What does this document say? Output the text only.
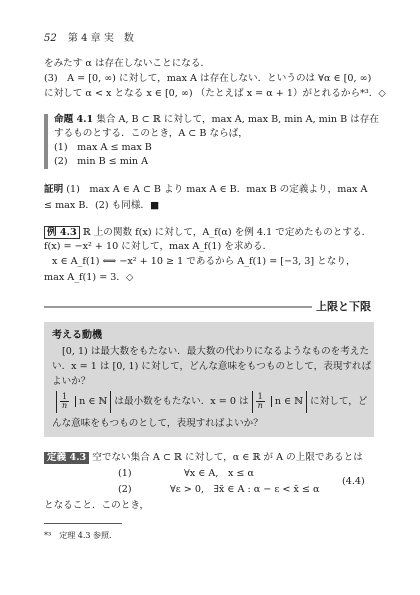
52 第 4 章 実　数
をみたす α は存在しないことになる．
(3)　A = [0, ∞) に対して，max A は存在しない．というのは ∀α ∈ [0, ∞)
に対して α < x となる x ∈ [0, ∞) （たとえば x = α + 1）がとれるから*³．◇
命題 4.1 集合 A, B ⊂ ℝ に対して，max A, max B, min A, min B は存在
するものとする．このとき，A ⊂ B ならば，
(1)　max A ≤ max B
(2)　min B ≤ min A
証明 (1)　max A ∈ A ⊂ B より max A ∈ B．max B の定義より，max A
≤ max B．(2) も同様．■
例 4.3 ℝ 上の関数 f(x) に対して，A_f(α) を例 4.1 で定めたものとする．
f(x) = −x² + 10 に対して，max A_f(1) を求める．
x ∈ A_f(1) ⟺ −x² + 10 ≥ 1 であるから A_f(1) = [−3, 3] となり，
max A_f(1) = 3．◇
上限と下限
考える動機
[0, 1) は最大数をもたない．最大数の代わりになるようなものを考えた
い．x = 1 は [0, 1) に対して，どんな意味をもつものとして，表現すれば
よいか？
$\frac{1}{n}$ n ∈ ℕ は最小数をもたない．x = 0 は $\frac{1}{n}$ n ∈ ℕ に対して，ど
んな意味をもつものとして，表現すればよいか？
定義 4.3 空でない集合 A ⊂ ℝ に対して，α ∈ ℝ が A の上限であるとは
(1)	∀x ∈ A,　x ≤ α
(2)	∀ε > 0,　∃x̄ ∈ A : α − ε < x̄ ≤ α
(4.4)
となること．このとき，
*³　定理 4.3 参照.
